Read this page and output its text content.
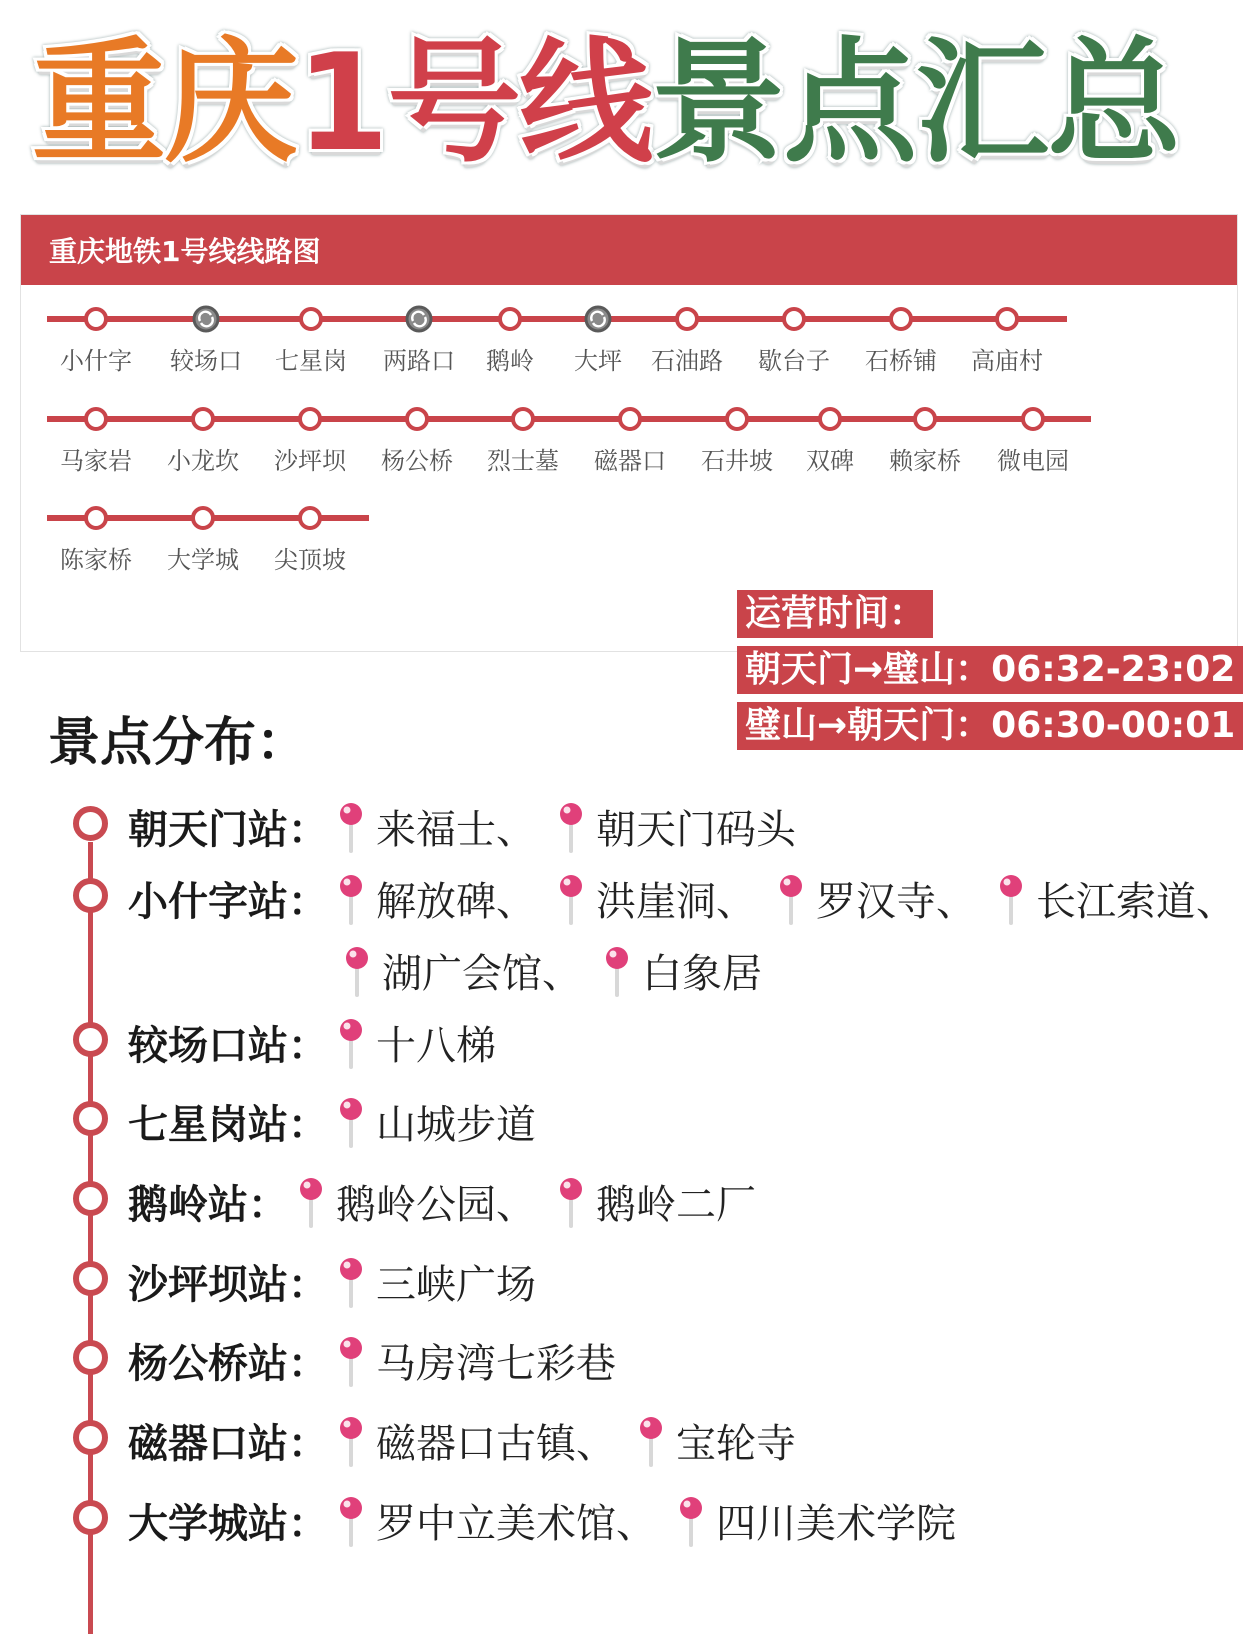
重庆 1号线 景点汇总
重庆地铁1号线线路图
小什字 较场口 七星岗 两路口 鹅岭 大坪 石油路 歇台子 石桥铺 高庙村
马家岩 小龙坎 沙坪坝 杨公桥 烈士墓 磁器口 石井坡 双碑 赖家桥 微电园
陈家桥 大学城 尖顶坡
运营时间：
朝天门→璧山：06:32-23:02
璧山→朝天门：06:30-00:01
景点分布：
朝天门站： 来福士、 朝天门码头
小什字站： 解放碑、 洪崖洞、 罗汉寺、 长江索道、
湖广会馆、 白象居
较场口站： 十八梯
七星岗站： 山城步道
鹅岭站： 鹅岭公园、 鹅岭二厂
沙坪坝站： 三峡广场
杨公桥站： 马房湾七彩巷
磁器口站： 磁器口古镇、 宝轮寺
大学城站： 罗中立美术馆、 四川美术学院
